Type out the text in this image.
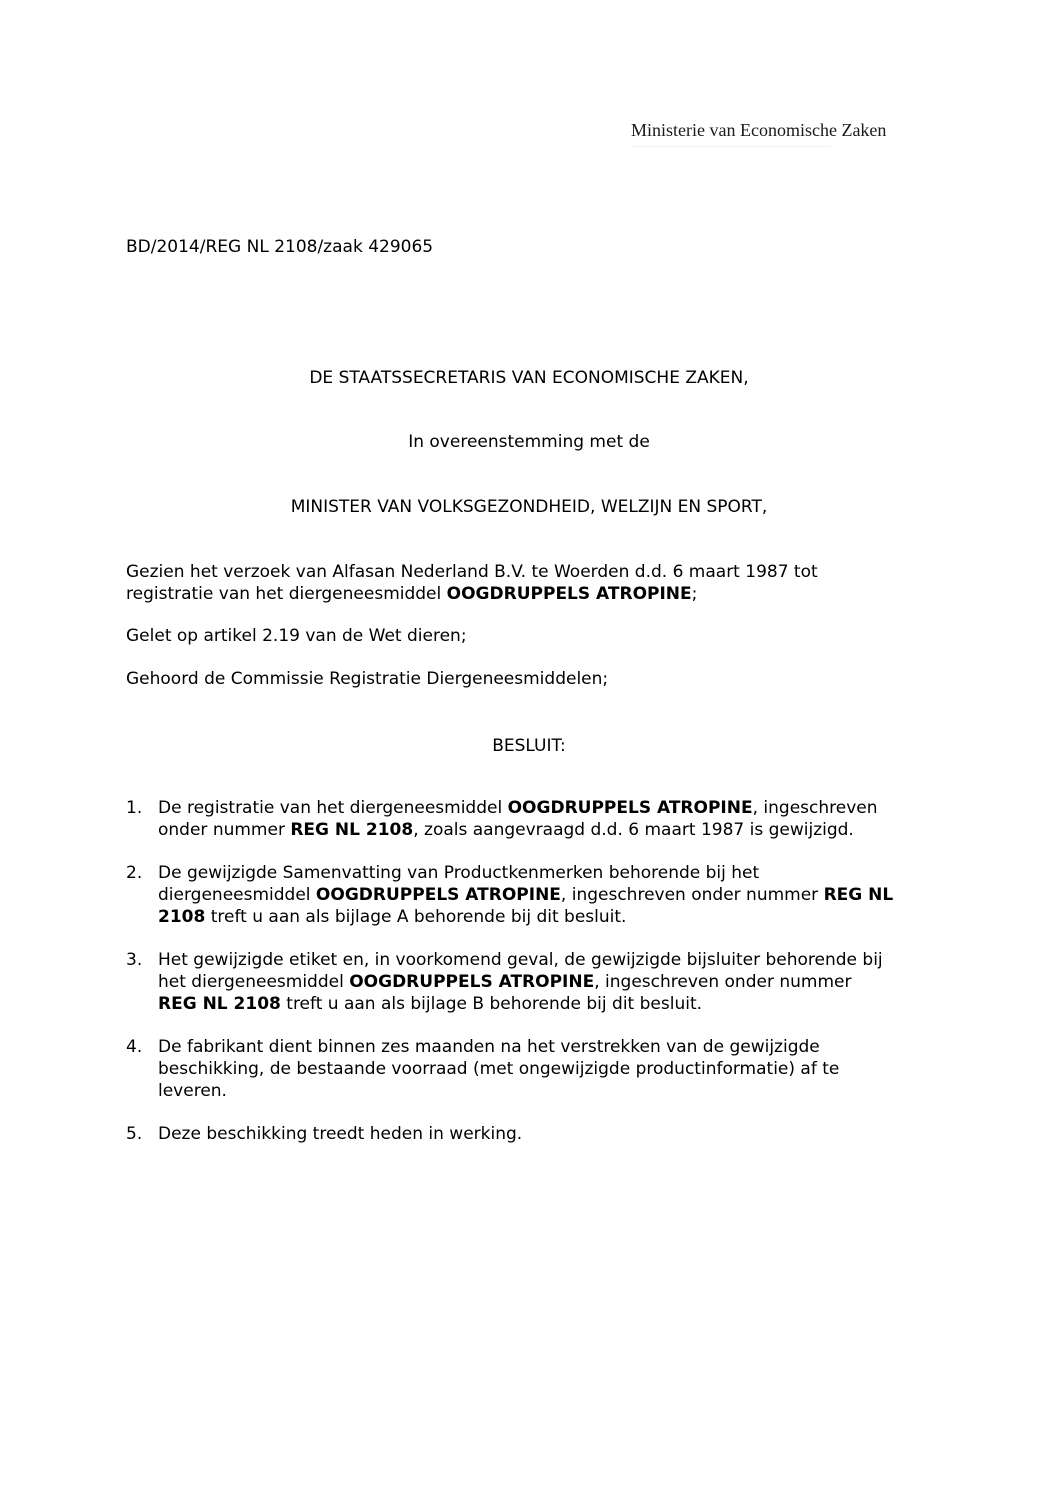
Ministerie van Economische Zaken
BD/2014/REG NL 2108/zaak 429065
DE STAATSSECRETARIS VAN ECONOMISCHE ZAKEN,
In overeenstemming met de
MINISTER VAN VOLKSGEZONDHEID, WELZIJN EN SPORT,
Gezien het verzoek van Alfasan Nederland B.V. te Woerden d.d. 6 maart 1987 tot
registratie van het diergeneesmiddel OOGDRUPPELS ATROPINE;
Gelet op artikel 2.19 van de Wet dieren;
Gehoord de Commissie Registratie Diergeneesmiddelen;
BESLUIT:
1. De registratie van het diergeneesmiddel OOGDRUPPELS ATROPINE, ingeschreven
onder nummer REG NL 2108, zoals aangevraagd d.d. 6 maart 1987 is gewijzigd.
2. De gewijzigde Samenvatting van Productkenmerken behorende bij het
diergeneesmiddel OOGDRUPPELS ATROPINE, ingeschreven onder nummer REG NL
2108 treft u aan als bijlage A behorende bij dit besluit.
3. Het gewijzigde etiket en, in voorkomend geval, de gewijzigde bijsluiter behorende bij
het diergeneesmiddel OOGDRUPPELS ATROPINE, ingeschreven onder nummer
REG NL 2108 treft u aan als bijlage B behorende bij dit besluit.
4. De fabrikant dient binnen zes maanden na het verstrekken van de gewijzigde
beschikking, de bestaande voorraad (met ongewijzigde productinformatie) af te
leveren.
5. Deze beschikking treedt heden in werking.
